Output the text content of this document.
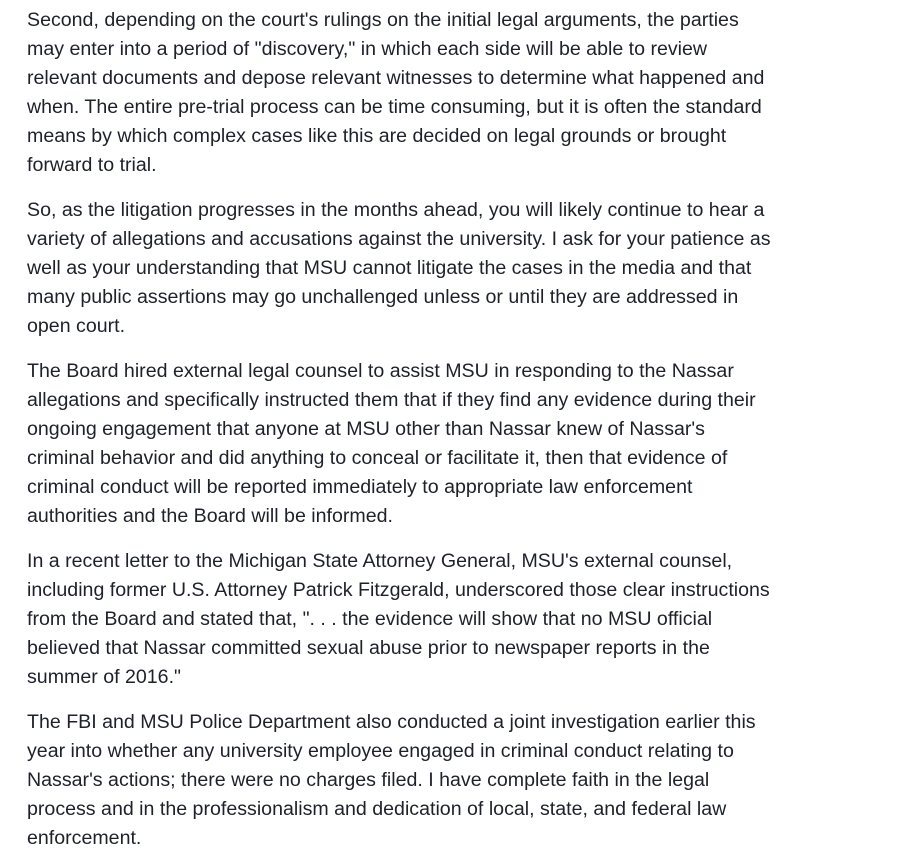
Second, depending on the court's rulings on the initial legal arguments, the parties
may enter into a period of "discovery," in which each side will be able to review
relevant documents and depose relevant witnesses to determine what happened and
when. The entire pre-trial process can be time consuming, but it is often the standard
means by which complex cases like this are decided on legal grounds or brought
forward to trial.

So, as the litigation progresses in the months ahead, you will likely continue to hear a
variety of allegations and accusations against the university. I ask for your patience as
well as your understanding that MSU cannot litigate the cases in the media and that
many public assertions may go unchallenged unless or until they are addressed in
open court.

The Board hired external legal counsel to assist MSU in responding to the Nassar
allegations and specifically instructed them that if they find any evidence during their
ongoing engagement that anyone at MSU other than Nassar knew of Nassar's
criminal behavior and did anything to conceal or facilitate it, then that evidence of
criminal conduct will be reported immediately to appropriate law enforcement
authorities and the Board will be informed.

In a recent letter to the Michigan State Attorney General, MSU's external counsel,
including former U.S. Attorney Patrick Fitzgerald, underscored those clear instructions
from the Board and stated that, ". . . the evidence will show that no MSU official
believed that Nassar committed sexual abuse prior to newspaper reports in the
summer of 2016."

The FBI and MSU Police Department also conducted a joint investigation earlier this
year into whether any university employee engaged in criminal conduct relating to
Nassar's actions; there were no charges filed. I have complete faith in the legal
process and in the professionalism and dedication of local, state, and federal law
enforcement.
